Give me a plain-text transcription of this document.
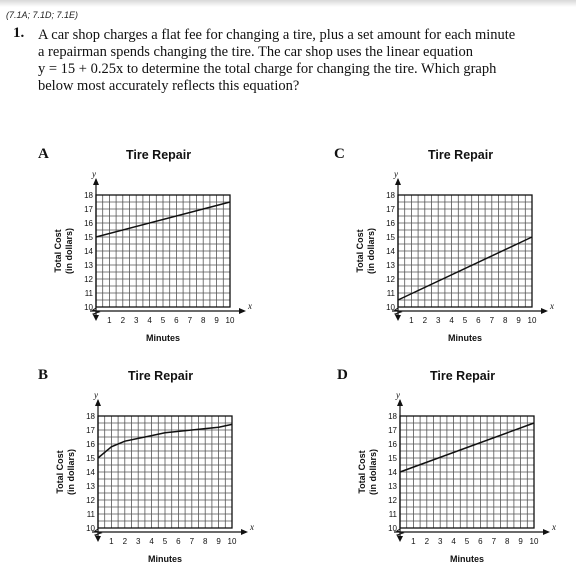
(7.1A; 7.1D; 7.1E)
1. A car shop charges a flat fee for changing a tire, plus a set amount for each minute
a repairman spends changing the tire. The car shop uses the linear equation
y = 15 + 0.25x to determine the total charge for changing the tire. Which graph
below most accurately reflects this equation?
A	Tire Repair
y
x
10
11
12
13
14
15
16
17
18
1 2 3 4 5 6 7 8 9 10
Minutes
Total Cost (in dollars)
C	Tire Repair
y
x
10
11
12
13
14
15
16
17
18
1 2 3 4 5 6 7 8 9 10
Minutes
Total Cost (in dollars)
B	Tire Repair
y
x
10
11
12
13
14
15
16
17
18
1 2 3 4 5 6 7 8 9 10
Minutes
Total Cost (in dollars)
D	Tire Repair
y
x
10
11
12
13
14
15
16
17
18
1 2 3 4 5 6 7 8 9 10
Minutes
Total Cost (in dollars)
